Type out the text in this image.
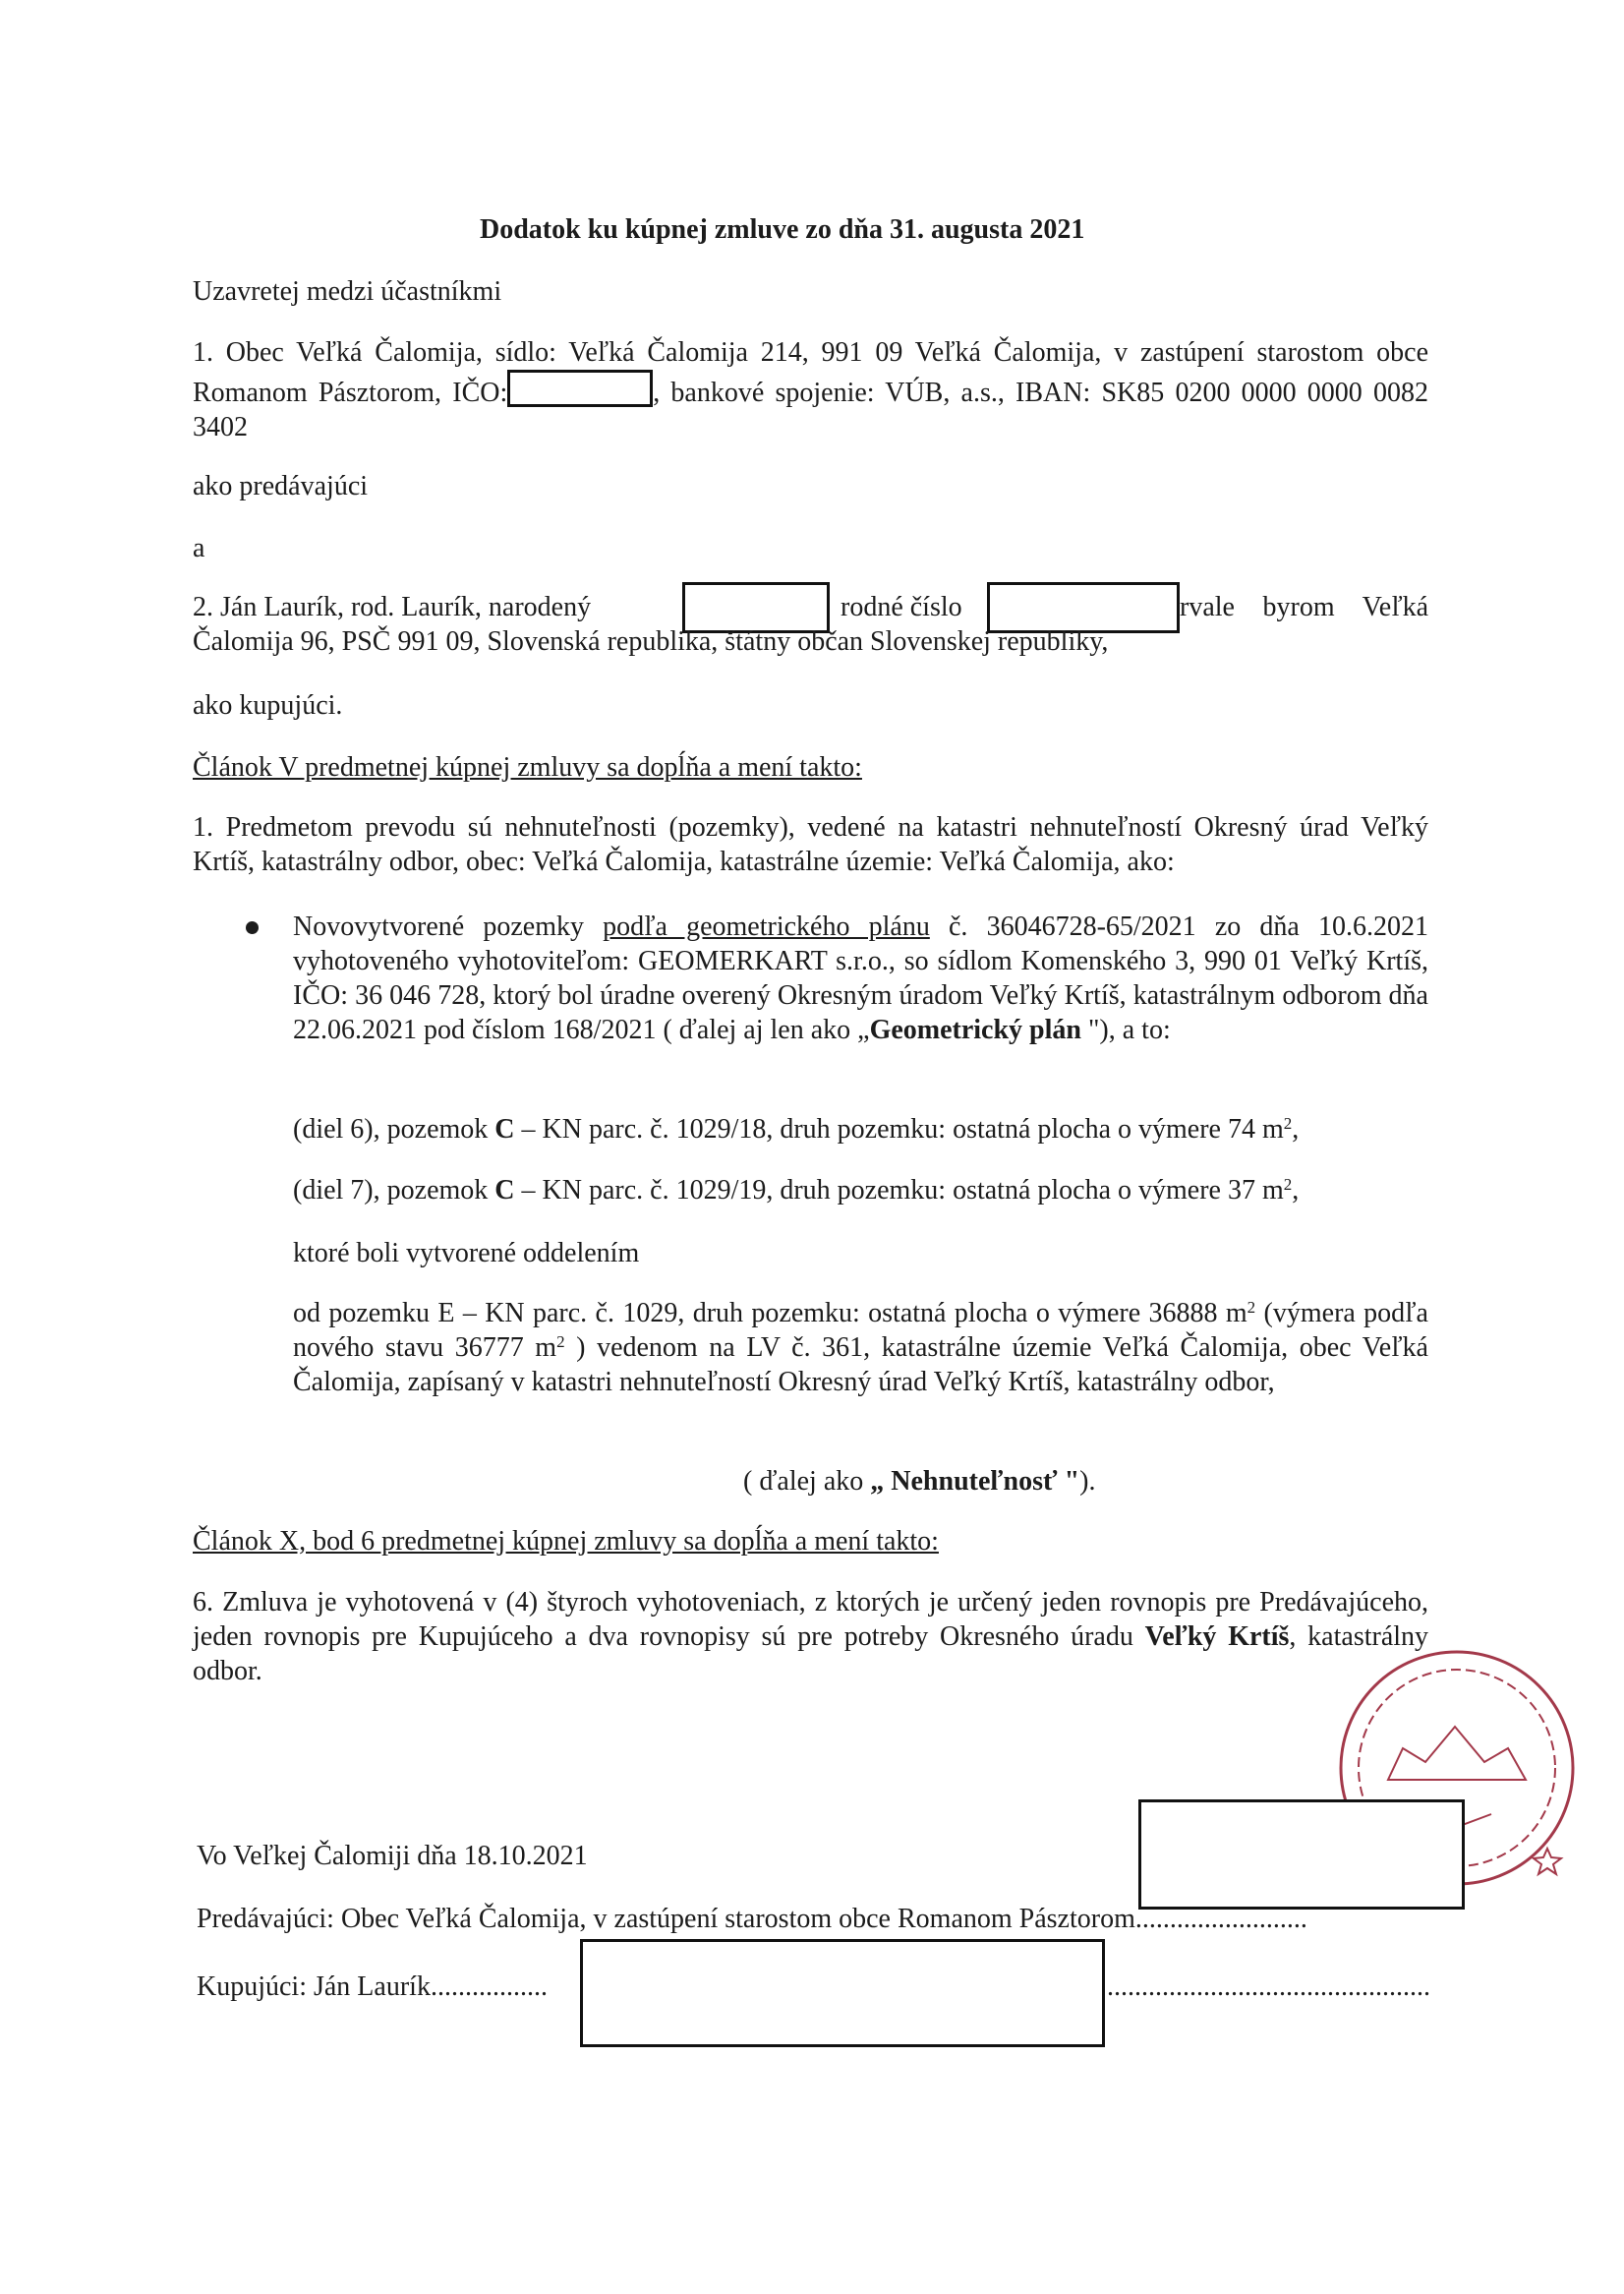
Dodatok ku kúpnej zmluve zo dňa 31. augusta 2021
Uzavretej medzi účastníkmi
1. Obec Veľká Čalomija, sídlo: Veľká Čalomija 214, 991 09 Veľká Čalomija, v zastúpení starostom obce Romanom Pásztorom, IČO:	, bankové spojenie: VÚB, a.s., IBAN: SK85 0200 0000 0000 0082 3402
ako predávajúci
a
2. Ján Laurík, rod. Laurík, narodený	rodné číslo	rvale byrom Veľká Čalomija 96, PSČ 991 09, Slovenská republika, štátny občan Slovenskej republiky,
ako kupujúci.
Článok V predmetnej kúpnej zmluvy sa dopĺňa a mení takto:
1. Predmetom prevodu sú nehnuteľnosti (pozemky), vedené na katastri nehnuteľností Okresný úrad Veľký Krtíš, katastrálny odbor, obec: Veľká Čalomija, katastrálne územie: Veľká Čalomija, ako:
Novovytvorené pozemky podľa geometrického plánu č. 36046728-65/2021 zo dňa 10.6.2021 vyhotoveného vyhotoviteľom: GEOMERKART s.r.o., so sídlom Komenského 3, 990 01 Veľký Krtíš, IČO: 36 046 728, ktorý bol úradne overený Okresným úradom Veľký Krtíš, katastrálnym odborom dňa 22.06.2021 pod číslom 168/2021 ( ďalej aj len ako „Geometrický plán "), a to:
(diel 6), pozemok C – KN parc. č. 1029/18, druh pozemku: ostatná plocha o výmere 74 $m^2$,
(diel 7), pozemok C – KN parc. č. 1029/19, druh pozemku: ostatná plocha o výmere 37 $m^2$,
ktoré boli vytvorené oddelením
od pozemku E – KN parc. č. 1029, druh pozemku: ostatná plocha o výmere 36888 $m^2$ (výmera podľa nového stavu 36777 $m^2$ ) vedenom na LV č. 361, katastrálne územie Veľká Čalomija, obec Veľká Čalomija, zapísaný v katastri nehnuteľností Okresný úrad Veľký Krtíš, katastrálny odbor,
( ďalej ako „ Nehnuteľnosť ").
Článok X, bod 6 predmetnej kúpnej zmluvy sa dopĺňa a mení takto:
6. Zmluva je vyhotovená v (4) štyroch vyhotoveniach, z ktorých je určený jeden rovnopis pre Predávajúceho, jeden rovnopis pre Kupujúceho a dva rovnopisy sú pre potreby Okresného úradu Veľký Krtíš, katastrálny odbor.
Vo Veľkej Čalomiji dňa 18.10.2021
Predávajúci: Obec Veľká Čalomija, v zastúpení starostom obce Romanom Pásztorom.........................
Kupujúci: Ján Laurík.................	...............................................
